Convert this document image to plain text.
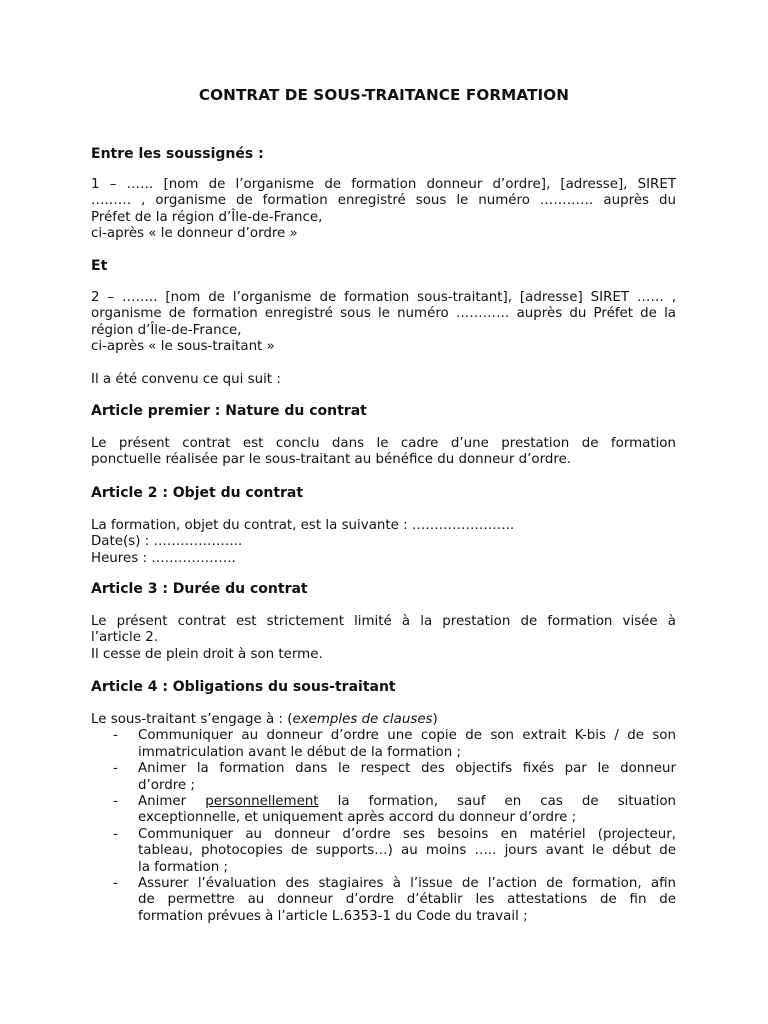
CONTRAT DE SOUS-TRAITANCE FORMATION
Entre les soussignés :
1 – …… [nom de l’organisme de formation donneur d’ordre], [adresse], SIRET
……… , organisme de formation enregistré sous le numéro ………… auprès du
Préfet de la région d’Île-de-France,
ci-après « le donneur d’ordre »
Et
2 – …….. [nom de l’organisme de formation sous-traitant], [adresse] SIRET …… ,
organisme de formation enregistré sous le numéro ………… auprès du Préfet de la
région d’Île-de-France,
ci-après « le sous-traitant »
Il a été convenu ce qui suit :
Article premier : Nature du contrat
Le présent contrat est conclu dans le cadre d’une prestation de formation
ponctuelle réalisée par le sous-traitant au bénéfice du donneur d’ordre.
Article 2 : Objet du contrat
La formation, objet du contrat, est la suivante : …………………..
Date(s) : ………………..
Heures : ……………….
Article 3 : Durée du contrat
Le présent contrat est strictement limité à la prestation de formation visée à
l’article 2.
Il cesse de plein droit à son terme.
Article 4 : Obligations du sous-traitant
Le sous-traitant s’engage à : (exemples de clauses)
- Communiquer au donneur d’ordre une copie de son extrait K-bis / de son
immatriculation avant le début de la formation ;
- Animer la formation dans le respect des objectifs fixés par le donneur
d’ordre ;
- Animer personnellement la formation, sauf en cas de situation
exceptionnelle, et uniquement après accord du donneur d’ordre ;
- Communiquer au donneur d’ordre ses besoins en matériel (projecteur,
tableau, photocopies de supports…) au moins ….. jours avant le début de
la formation ;
- Assurer l’évaluation des stagiaires à l’issue de l’action de formation, afin
de permettre au donneur d’ordre d’établir les attestations de fin de
formation prévues à l’article L.6353-1 du Code du travail ;
